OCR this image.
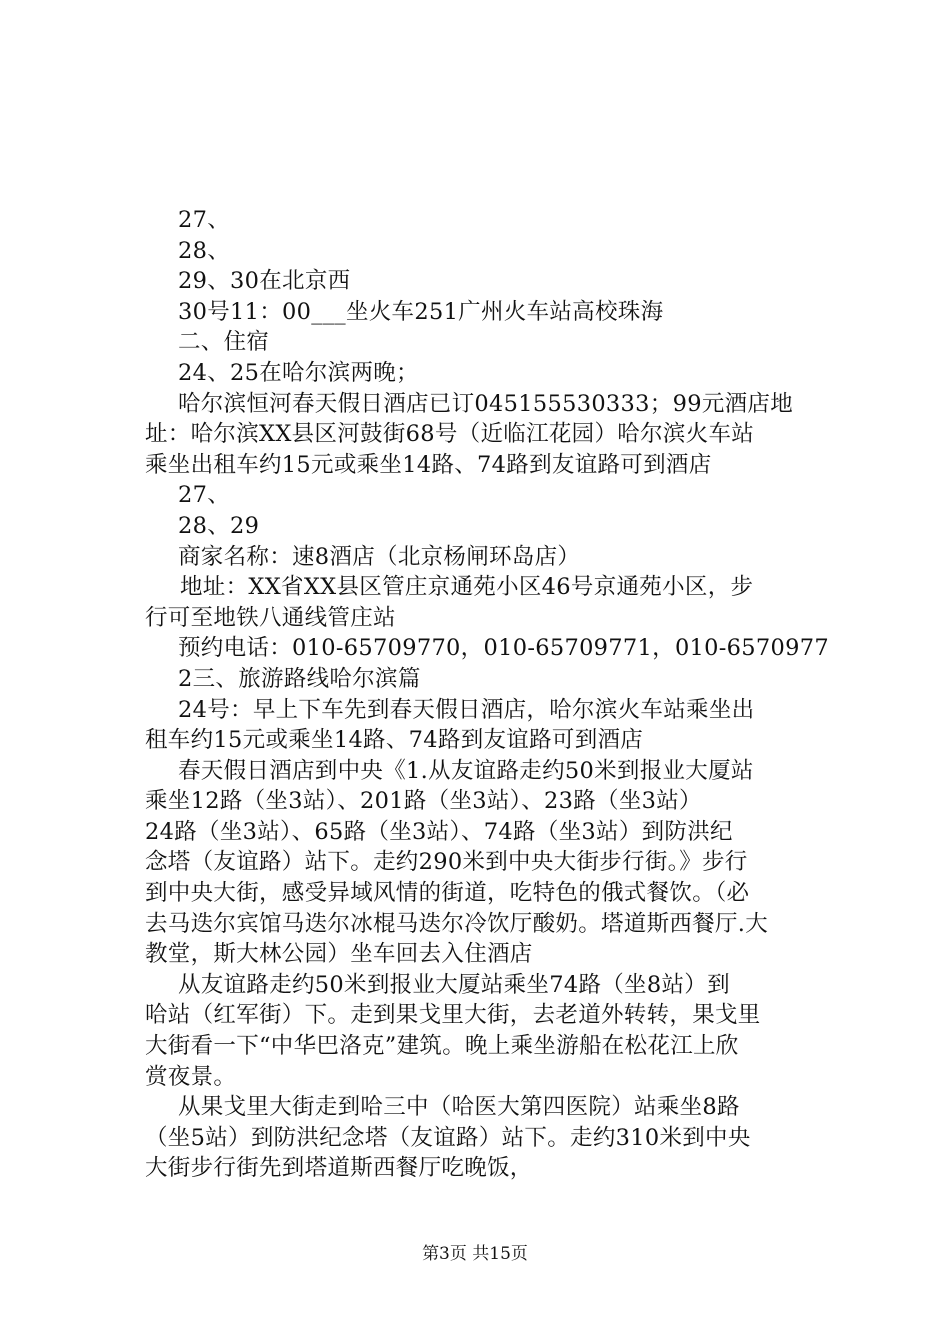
27、
28、
29、30在北京西
30号11：00___坐火车251广州火车站高校珠海
二、住宿
24、25在哈尔滨两晚；
哈尔滨恒河春天假日酒店已订045155530333；99元酒店地
址：哈尔滨XX县区河鼓街68号（近临江花园）哈尔滨火车站
乘坐出租车约15元或乘坐14路、74路到友谊路可到酒店
27、
28、29
商家名称：速8酒店（北京杨闸环岛店）
地址：XX省XX县区管庄京通苑小区46号京通苑小区，步
行可至地铁八通线管庄站
预约电话：010-65709770，010-65709771，010-6570977
2三、旅游路线哈尔滨篇
24号：早上下车先到春天假日酒店，哈尔滨火车站乘坐出
租车约15元或乘坐14路、74路到友谊路可到酒店
春天假日酒店到中央《1.从友谊路走约50米到报业大厦站
乘坐12路（坐3站）、201路（坐3站）、23路（坐3站）
24路（坐3站）、65路（坐3站）、74路（坐3站）到防洪纪
念塔（友谊路）站下。走约290米到中央大街步行街。》步行
到中央大街，感受异域风情的街道，吃特色的俄式餐饮。（必
去马迭尔宾馆马迭尔冰棍马迭尔冷饮厅酸奶。塔道斯西餐厅.大
教堂，斯大林公园）坐车回去入住酒店
从友谊路走约50米到报业大厦站乘坐74路（坐8站）到
哈站（红军街）下。走到果戈里大街，去老道外转转，果戈里
大街看一下“中华巴洛克”建筑。晚上乘坐游船在松花江上欣
赏夜景。
从果戈里大街走到哈三中（哈医大第四医院）站乘坐8路
（坐5站）到防洪纪念塔（友谊路）站下。走约310米到中央
大街步行街先到塔道斯西餐厅吃晚饭，
第3页 共15页
